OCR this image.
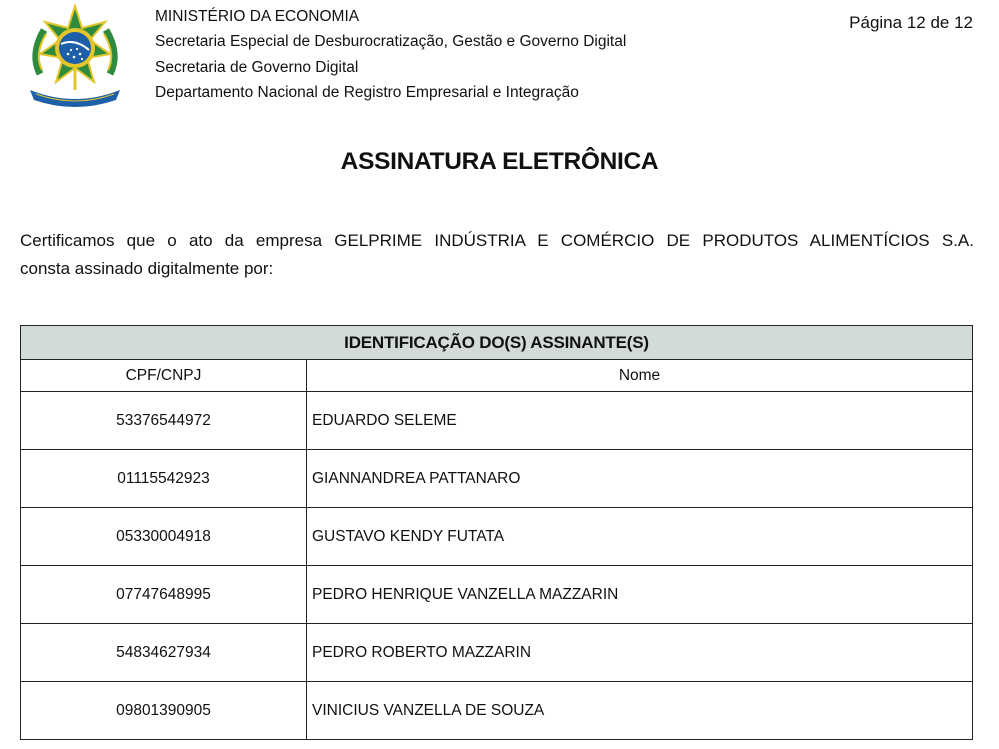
MINISTÉRIO DA ECONOMIA
Secretaria Especial de Desburocratização, Gestão e Governo Digital
Secretaria de Governo Digital
Departamento Nacional de Registro Empresarial e Integração
Página 12 de 12
ASSINATURA ELETRÔNICA
Certificamos que o ato da empresa GELPRIME INDÚSTRIA E COMÉRCIO DE PRODUTOS ALIMENTÍCIOS S.A.
consta assinado digitalmente por:
IDENTIFICAÇÃO DO(S) ASSINANTE(S)	
CPF/CNPJ	Nome
53376544972	EDUARDO SELEME
01115542923	GIANNANDREA PATTANARO
05330004918	GUSTAVO KENDY FUTATA
07747648995	PEDRO HENRIQUE VANZELLA MAZZARIN
54834627934	PEDRO ROBERTO MAZZARIN
09801390905	VINICIUS VANZELLA DE SOUZA
